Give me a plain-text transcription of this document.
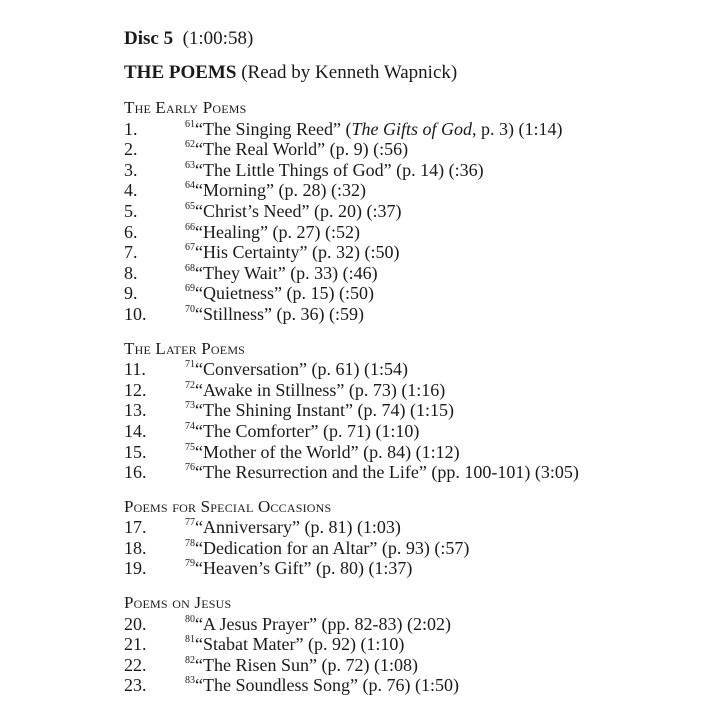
Disc 5 (1:00:58)
THE POEMS (Read by Kenneth Wapnick)
The Early Poems
1.	$^{61}$“The Singing Reed” (The Gifts of God, p. 3) (1:14)
2.	$^{62}$“The Real World” (p. 9) (:56)
3.	$^{63}$“The Little Things of God” (p. 14) (:36)
4.	$^{64}$“Morning” (p. 28) (:32)
5.	$^{65}$“Christ’s Need” (p. 20) (:37)
6.	$^{66}$“Healing” (p. 27) (:52)
7.	$^{67}$“His Certainty” (p. 32) (:50)
8.	$^{68}$“They Wait” (p. 33) (:46)
9.	$^{69}$“Quietness” (p. 15) (:50)
10.	$^{70}$“Stillness” (p. 36) (:59)
The Later Poems
11.	$^{71}$“Conversation” (p. 61) (1:54)
12.	$^{72}$“Awake in Stillness” (p. 73) (1:16)
13.	$^{73}$“The Shining Instant” (p. 74) (1:15)
14.	$^{74}$“The Comforter” (p. 71) (1:10)
15.	$^{75}$“Mother of the World” (p. 84) (1:12)
16.	$^{76}$“The Resurrection and the Life” (pp. 100-101) (3:05)
Poems for Special Occasions
17.	$^{77}$“Anniversary” (p. 81) (1:03)
18.	$^{78}$“Dedication for an Altar” (p. 93) (:57)
19.	$^{79}$“Heaven’s Gift” (p. 80) (1:37)
Poems on Jesus
20.	$^{80}$“A Jesus Prayer” (pp. 82-83) (2:02)
21.	$^{81}$“Stabat Mater” (p. 92) (1:10)
22.	$^{82}$“The Risen Sun” (p. 72) (1:08)
23.	$^{83}$“The Soundless Song” (p. 76) (1:50)
